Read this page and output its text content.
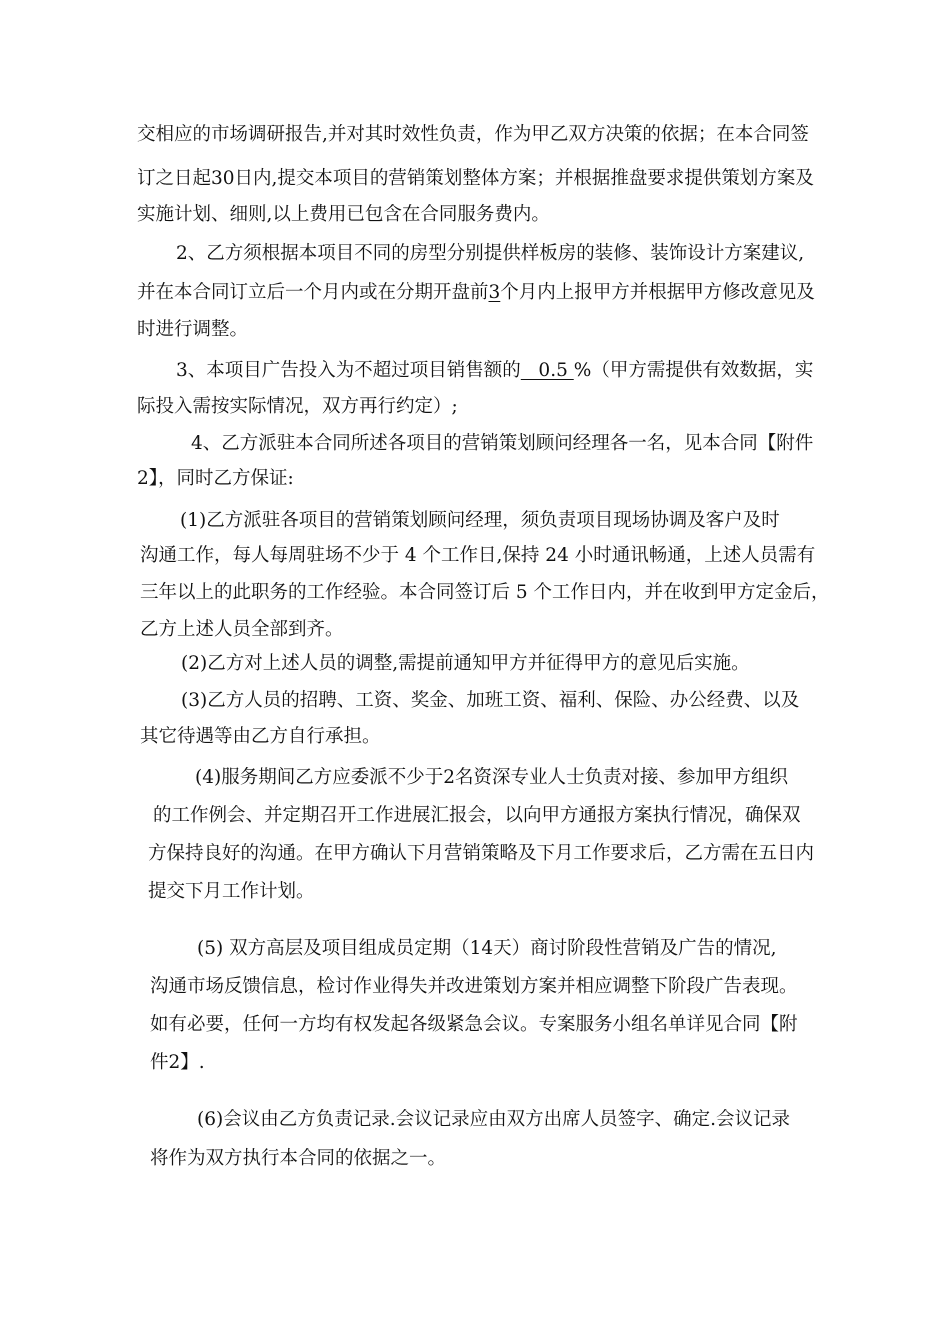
交相应的市场调研报告,并对其时效性负责，作为甲乙双方决策的依据；在本合同签
订之日起30日内,提交本项目的营销策划整体方案；并根据推盘要求提供策划方案及
实施计划、细则,以上费用已包含在合同服务费内。
2、乙方须根据本项目不同的房型分别提供样板房的装修、装饰设计方案建议,
并在本合同订立后一个月内或在分期开盘前3个月内上报甲方并根据甲方修改意见及
时进行调整。
3、本项目广告投入为不超过项目销售额的   0.5 %（甲方需提供有效数据，实
际投入需按实际情况，双方再行约定）;
4、乙方派驻本合同所述各项目的营销策划顾问经理各一名，见本合同【附件
2】，同时乙方保证:
(1)乙方派驻各项目的营销策划顾问经理，须负责项目现场协调及客户及时
沟通工作，每人每周驻场不少于 4 个工作日,保持 24 小时通讯畅通，上述人员需有
三年以上的此职务的工作经验。本合同签订后 5 个工作日内，并在收到甲方定金后，
乙方上述人员全部到齐。
(2)乙方对上述人员的调整,需提前通知甲方并征得甲方的意见后实施。
(3)乙方人员的招聘、工资、奖金、加班工资、福利、保险、办公经费、以及
其它待遇等由乙方自行承担。
(4)服务期间乙方应委派不少于2名资深专业人士负责对接、参加甲方组织
的工作例会、并定期召开工作进展汇报会，以向甲方通报方案执行情况，确保双
方保持良好的沟通。在甲方确认下月营销策略及下月工作要求后，乙方需在五日内
提交下月工作计划。
(5) 双方高层及项目组成员定期（14天）商讨阶段性营销及广告的情况,
沟通市场反馈信息，检讨作业得失并改进策划方案并相应调整下阶段广告表现。
如有必要，任何一方均有权发起各级紧急会议。专案服务小组名单详见合同【附
件2】.
(6)会议由乙方负责记录.会议记录应由双方出席人员签字、确定.会议记录
将作为双方执行本合同的依据之一。
